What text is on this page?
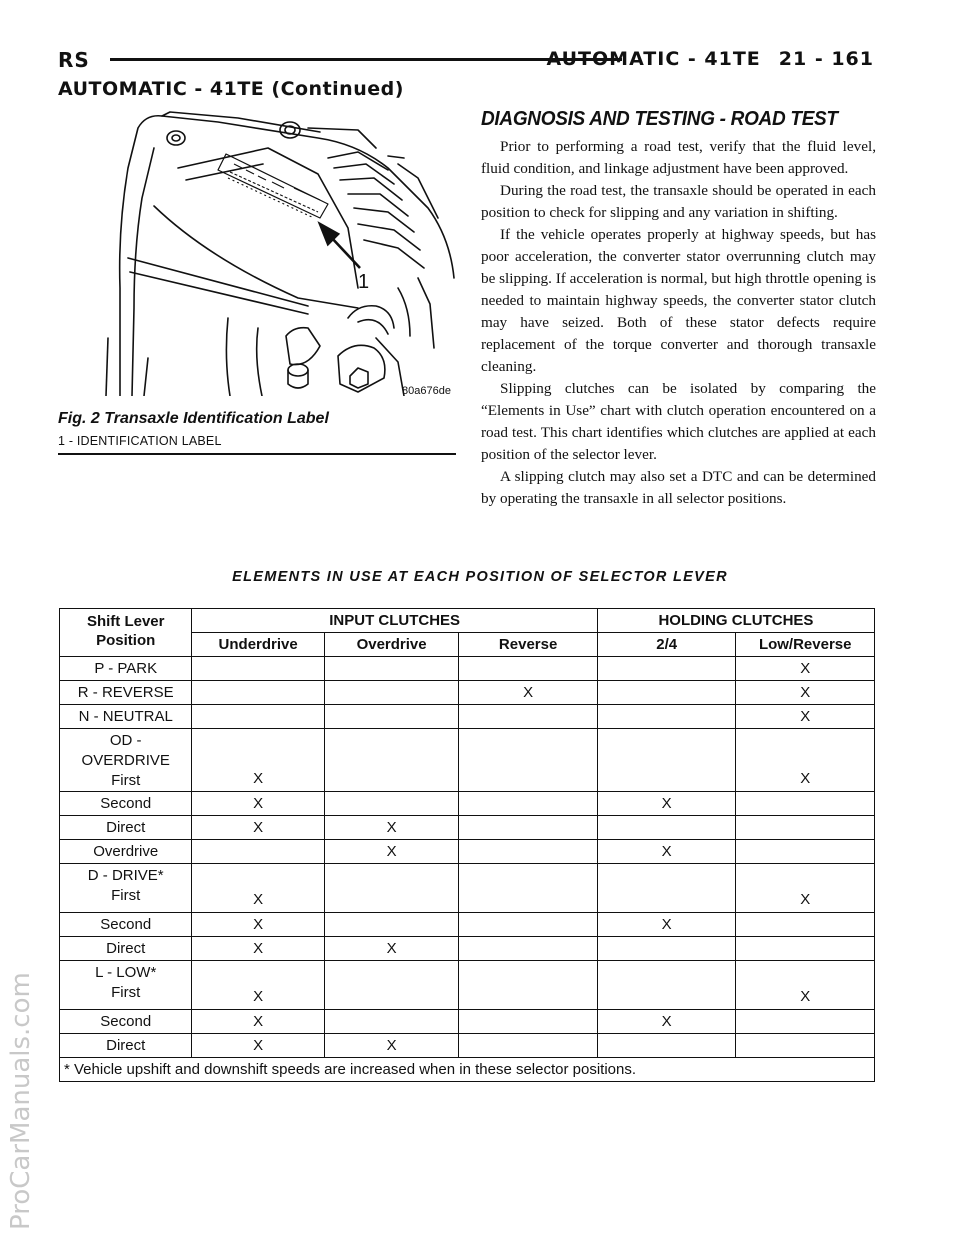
RS	AUTOMATIC - 41TE 21 - 161
AUTOMATIC - 41TE (Continued)
ProCarManuals.com
1
80a676de
Fig. 2 Transaxle Identification Label
1 - IDENTIFICATION LABEL
DIAGNOSIS AND TESTING - ROAD TEST

Prior to performing a road test, verify that the fluid level, fluid condition, and linkage adjustment have been approved.

During the road test, the transaxle should be operated in each position to check for slipping and any variation in shifting.

If the vehicle operates properly at highway speeds, but has poor acceleration, the converter stator overrunning clutch may be slipping. If acceleration is normal, but high throttle opening is needed to maintain highway speeds, the converter stator clutch may have seized. Both of these stator defects require replacement of the torque converter and thorough transaxle cleaning.

Slipping clutches can be isolated by comparing the “Elements in Use” chart with clutch operation encountered on a road test. This chart identifies which clutches are applied at each position of the selector lever.

A slipping clutch may also set a DTC and can be determined by operating the transaxle in all selector positions.

ELEMENTS IN USE AT EACH POSITION OF SELECTOR LEVER
Shift Lever Position	INPUT CLUTCHES			HOLDING CLUTCHES	
	Underdrive	Overdrive	Reverse	2/4	Low/Reverse
P - PARK					X
R - REVERSE			X		X
N - NEUTRAL					X

OD - OVERDRIVE
First	X				X
Second	X			X	
Direct	X	X			
Overdrive		X		X	

D - DRIVE*
First	X				X
Second	X			X	
Direct	X	X			

L - LOW*
First	X				X
Second	X			X	
Direct	X	X			
* Vehicle upshift and downshift speeds are increased when in these selector positions.					
